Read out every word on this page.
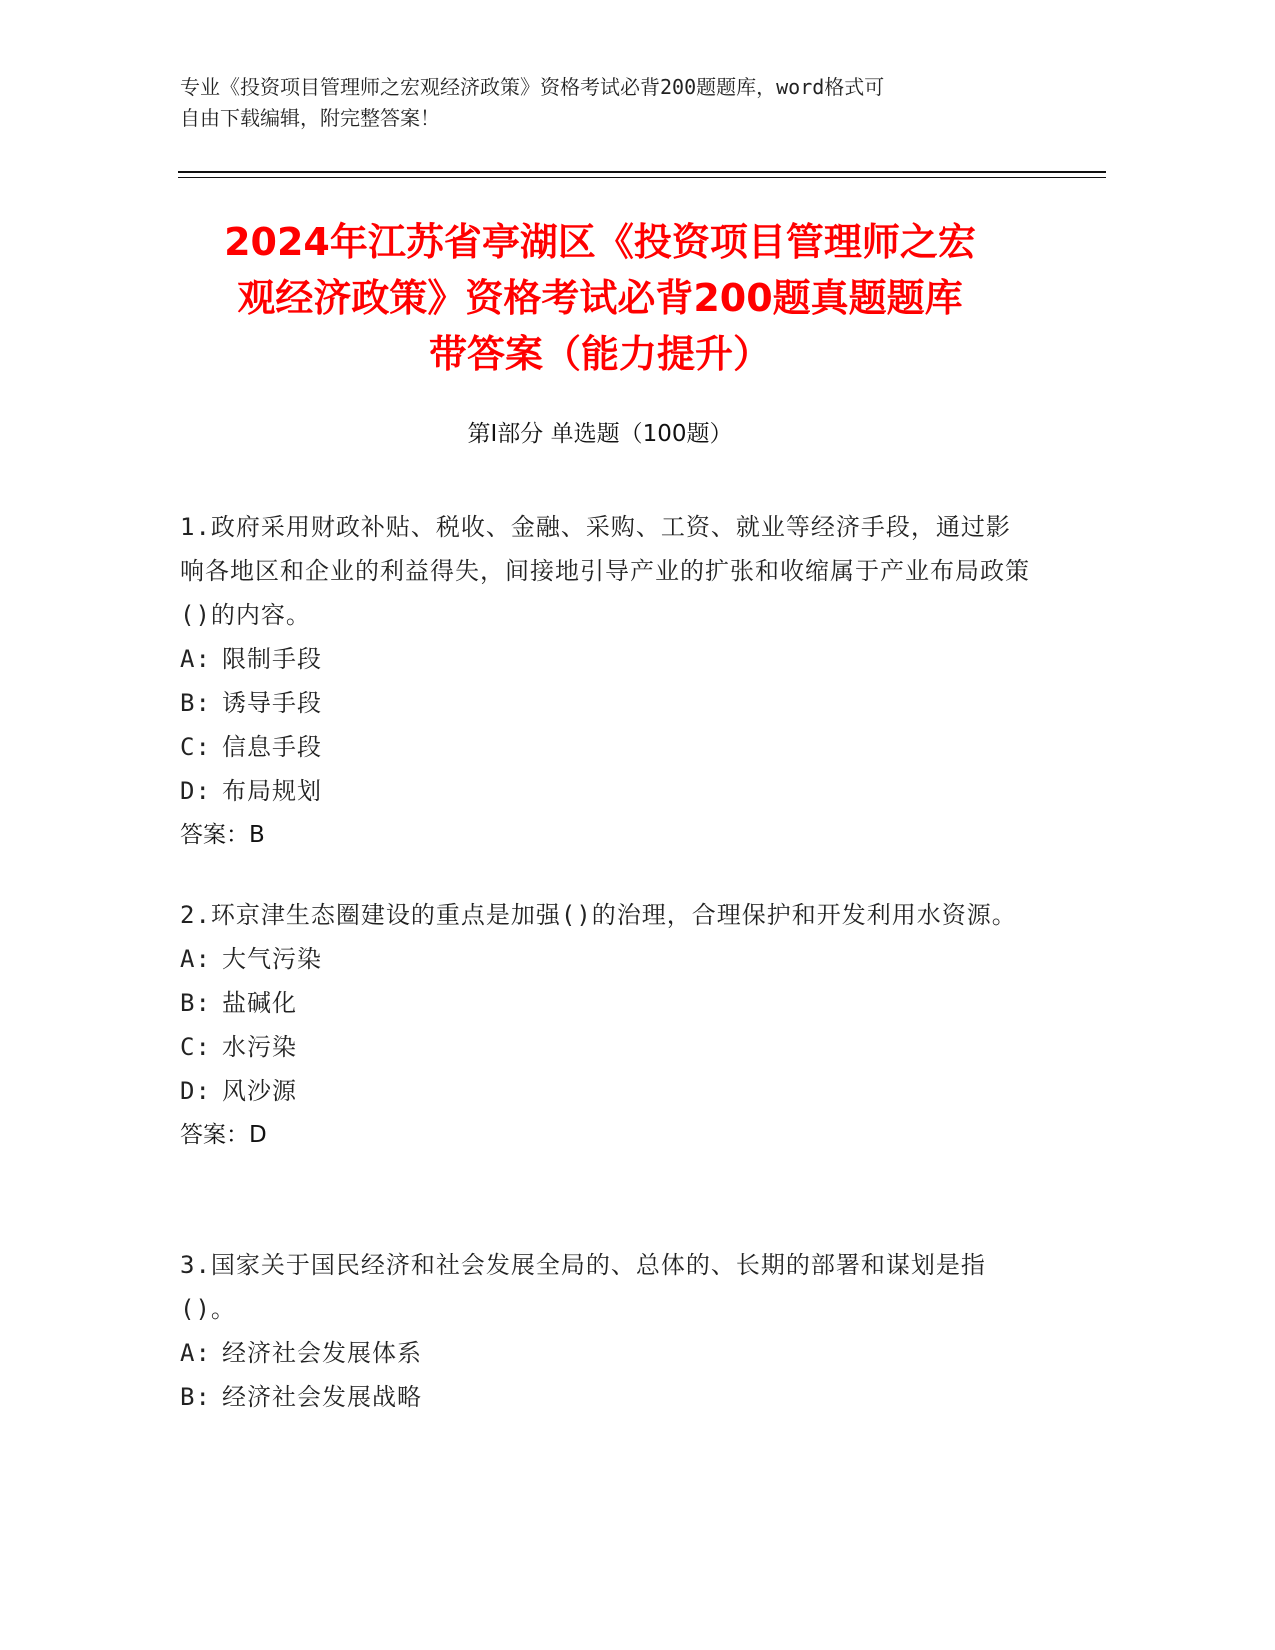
专业《投资项目管理师之宏观经济政策》资格考试必背200题题库，word格式可
自由下载编辑，附完整答案！
2024年江苏省亭湖区《投资项目管理师之宏
观经济政策》资格考试必背200题真题题库
带答案（能力提升）
第I部分 单选题（100题）
1.政府采用财政补贴、税收、金融、采购、工资、就业等经济手段，通过影响各地区和企业的利益得失，间接地引导产业的扩张和收缩属于产业布局政策()的内容。
A: 限制手段
B: 诱导手段
C: 信息手段
D: 布局规划
答案：B
2.环京津生态圈建设的重点是加强()的治理，合理保护和开发利用水资源。
A: 大气污染
B: 盐碱化
C: 水污染
D: 风沙源
答案：D
3.国家关于国民经济和社会发展全局的、总体的、长期的部署和谋划是指()。
A: 经济社会发展体系
B: 经济社会发展战略
